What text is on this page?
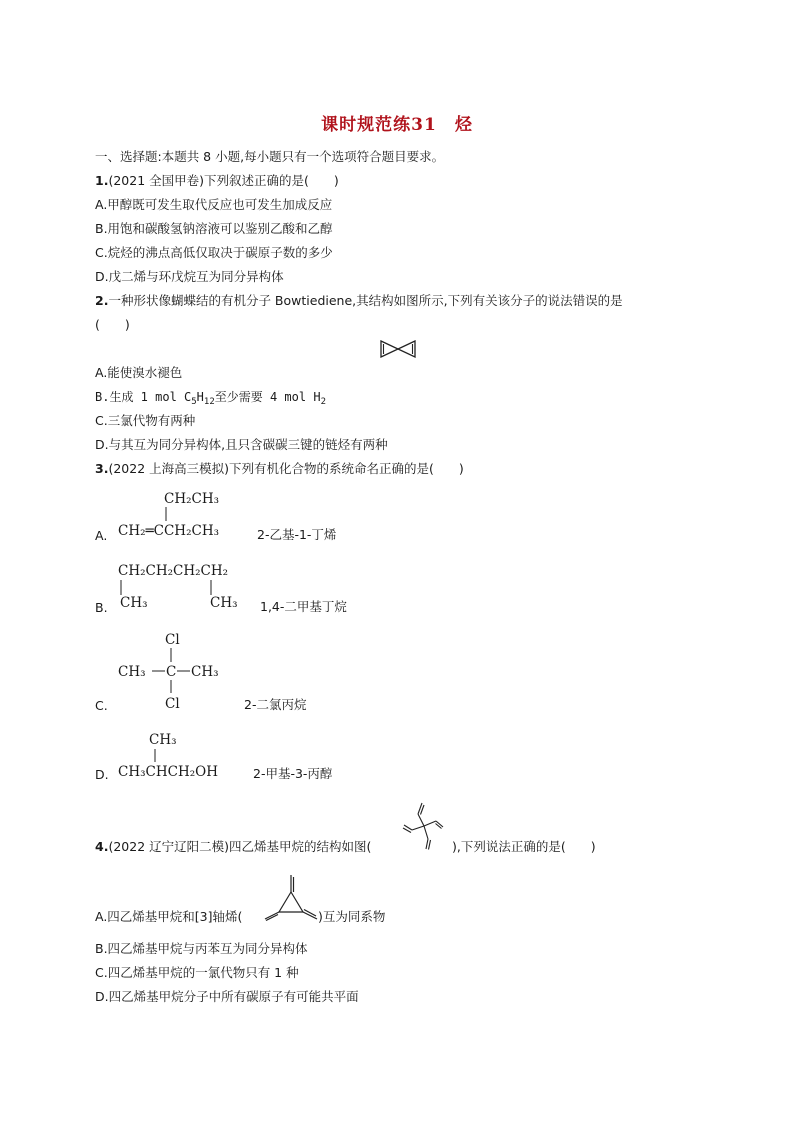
课时规范练31　烃
一、选择题:本题共 8 小题,每小题只有一个选项符合题目要求。
1.(2021 全国甲卷)下列叙述正确的是(　　)
A.甲醇既可发生取代反应也可发生加成反应
B.用饱和碳酸氢钠溶液可以鉴别乙酸和乙醇
C.烷烃的沸点高低仅取决于碳原子数的多少
D.戊二烯与环戊烷互为同分异构体
2.一种形状像蝴蝶结的有机分子 Bowtiediene,其结构如图所示,下列有关该分子的说法错误的是
(　　)
A.能使溴水褪色
B.生成 1 mol $C_5H_{12}$至少需要 4 mol $H_2$
C.三氯代物有两种
D.与其互为同分异构体,且只含碳碳三键的链烃有两种
3.(2022 上海高三模拟)下列有机化合物的系统命名正确的是(　　)
A.
CH₂CH₃
CH₂═CCH₂CH₃	2-乙基-1-丁烯
B.
CH₂CH₂CH₂CH₂
CH₃	CH₃ 1,4-二甲基丁烷
C.
Cl
CH₃ C CH₃
Cl	2-二氯丙烷
D.
CH₃
CH₃CHCH₂OH	2-甲基-3-丙醇
4.(2022 辽宁辽阳二模)四乙烯基甲烷的结构如图(	),下列说法正确的是(　　)
A.四乙烯基甲烷和[3]轴烯(	)互为同系物
B.四乙烯基甲烷与丙苯互为同分异构体
C.四乙烯基甲烷的一氯代物只有 1 种
D.四乙烯基甲烷分子中所有碳原子有可能共平面
